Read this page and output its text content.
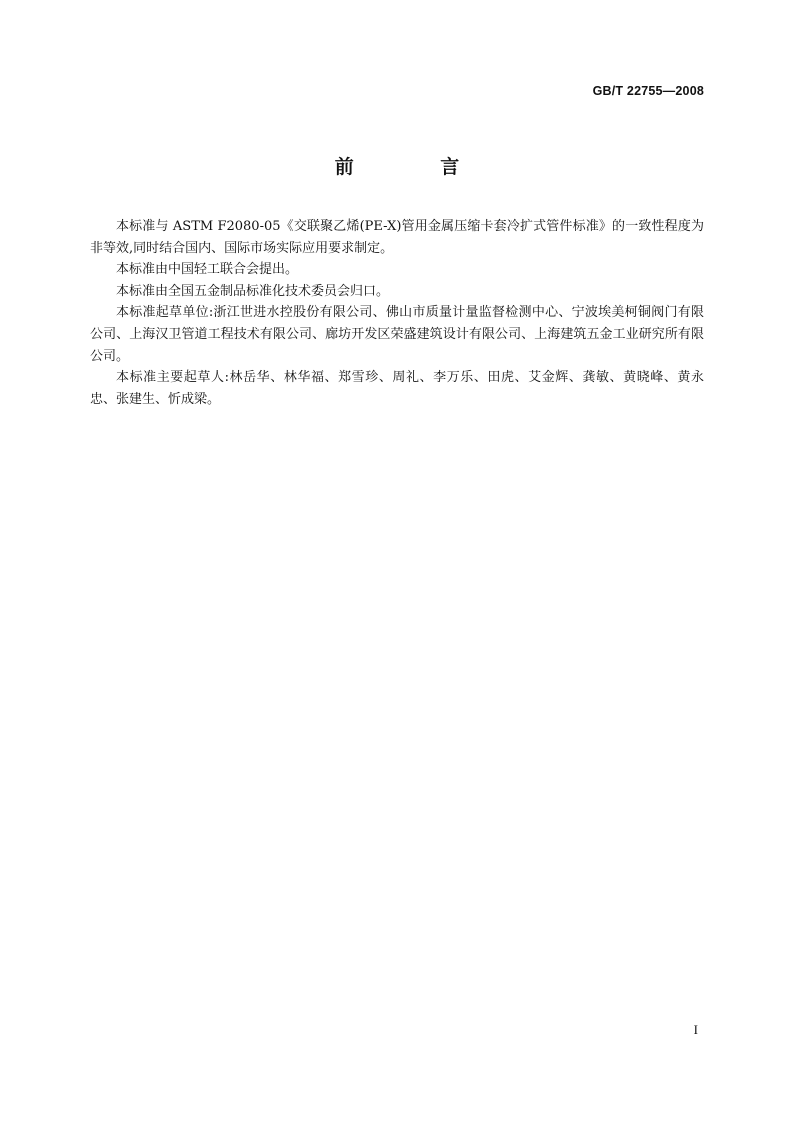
GB/T 22755—2008
前 言

本标准与 ASTM F2080-05《交联聚乙烯(PE-X)管用金属压缩卡套冷扩式管件标准》的一致性程度为非等效,同时结合国内、国际市场实际应用要求制定。

本标准由中国轻工联合会提出。

本标准由全国五金制品标准化技术委员会归口。

本标准起草单位:浙江世进水控股份有限公司、佛山市质量计量监督检测中心、宁波埃美柯铜阀门有限公司、上海汉卫管道工程技术有限公司、廊坊开发区荣盛建筑设计有限公司、上海建筑五金工业研究所有限公司。

本标准主要起草人:林岳华、林华福、郑雪珍、周礼、李万乐、田虎、艾金辉、龚敏、黄晓峰、黄永忠、张建生、忻成梁。

I
